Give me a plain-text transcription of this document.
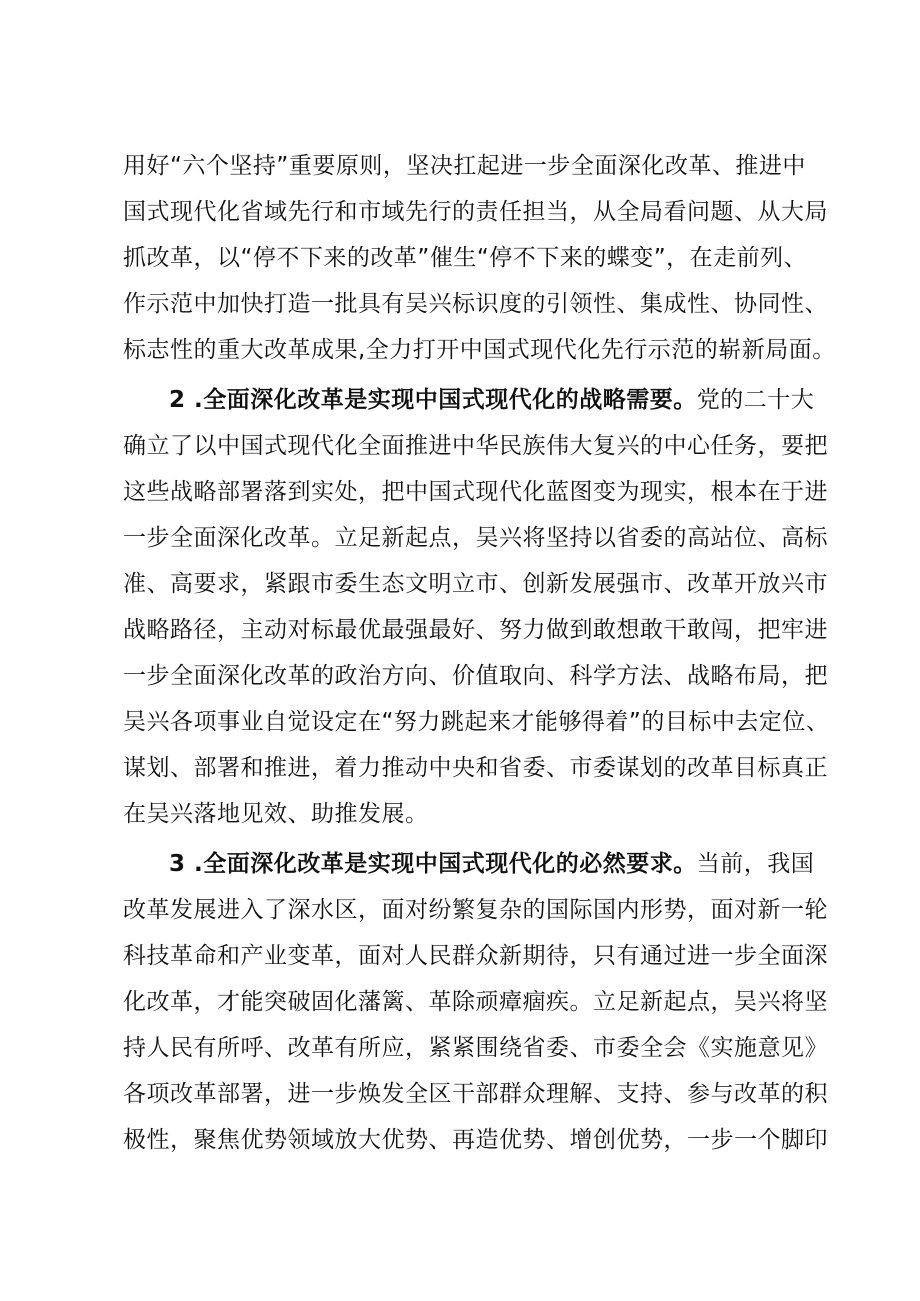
用好“六个坚持”重要原则，坚决扛起进一步全面深化改革、推进中
国式现代化省域先行和市域先行的责任担当，从全局看问题、从大局
抓改革，以“停不下来的改革”催生“停不下来的蝶变”，在走前列、
作示范中加快打造一批具有吴兴标识度的引领性、集成性、协同性、
标志性的重大改革成果,全力打开中国式现代化先行示范的崭新局面。
2 .全面深化改革是实现中国式现代化的战略需要。党的二十大
确立了以中国式现代化全面推进中华民族伟大复兴的中心任务，要把
这些战略部署落到实处，把中国式现代化蓝图变为现实，根本在于进
一步全面深化改革。立足新起点，吴兴将坚持以省委的高站位、高标
准、高要求，紧跟市委生态文明立市、创新发展强市、改革开放兴市
战略路径，主动对标最优最强最好、努力做到敢想敢干敢闯，把牢进
一步全面深化改革的政治方向、价值取向、科学方法、战略布局，把
吴兴各项事业自觉设定在“努力跳起来才能够得着”的目标中去定位、
谋划、部署和推进，着力推动中央和省委、市委谋划的改革目标真正
在吴兴落地见效、助推发展。
3 .全面深化改革是实现中国式现代化的必然要求。当前，我国
改革发展进入了深水区，面对纷繁复杂的国际国内形势，面对新一轮
科技革命和产业变革，面对人民群众新期待，只有通过进一步全面深
化改革，才能突破固化藩篱、革除顽瘴痼疾。立足新起点，吴兴将坚
持人民有所呼、改革有所应，紧紧围绕省委、市委全会《实施意见》
各项改革部署，进一步焕发全区干部群众理解、支持、参与改革的积
极性，聚焦优势领域放大优势、再造优势、增创优势，一步一个脚印
